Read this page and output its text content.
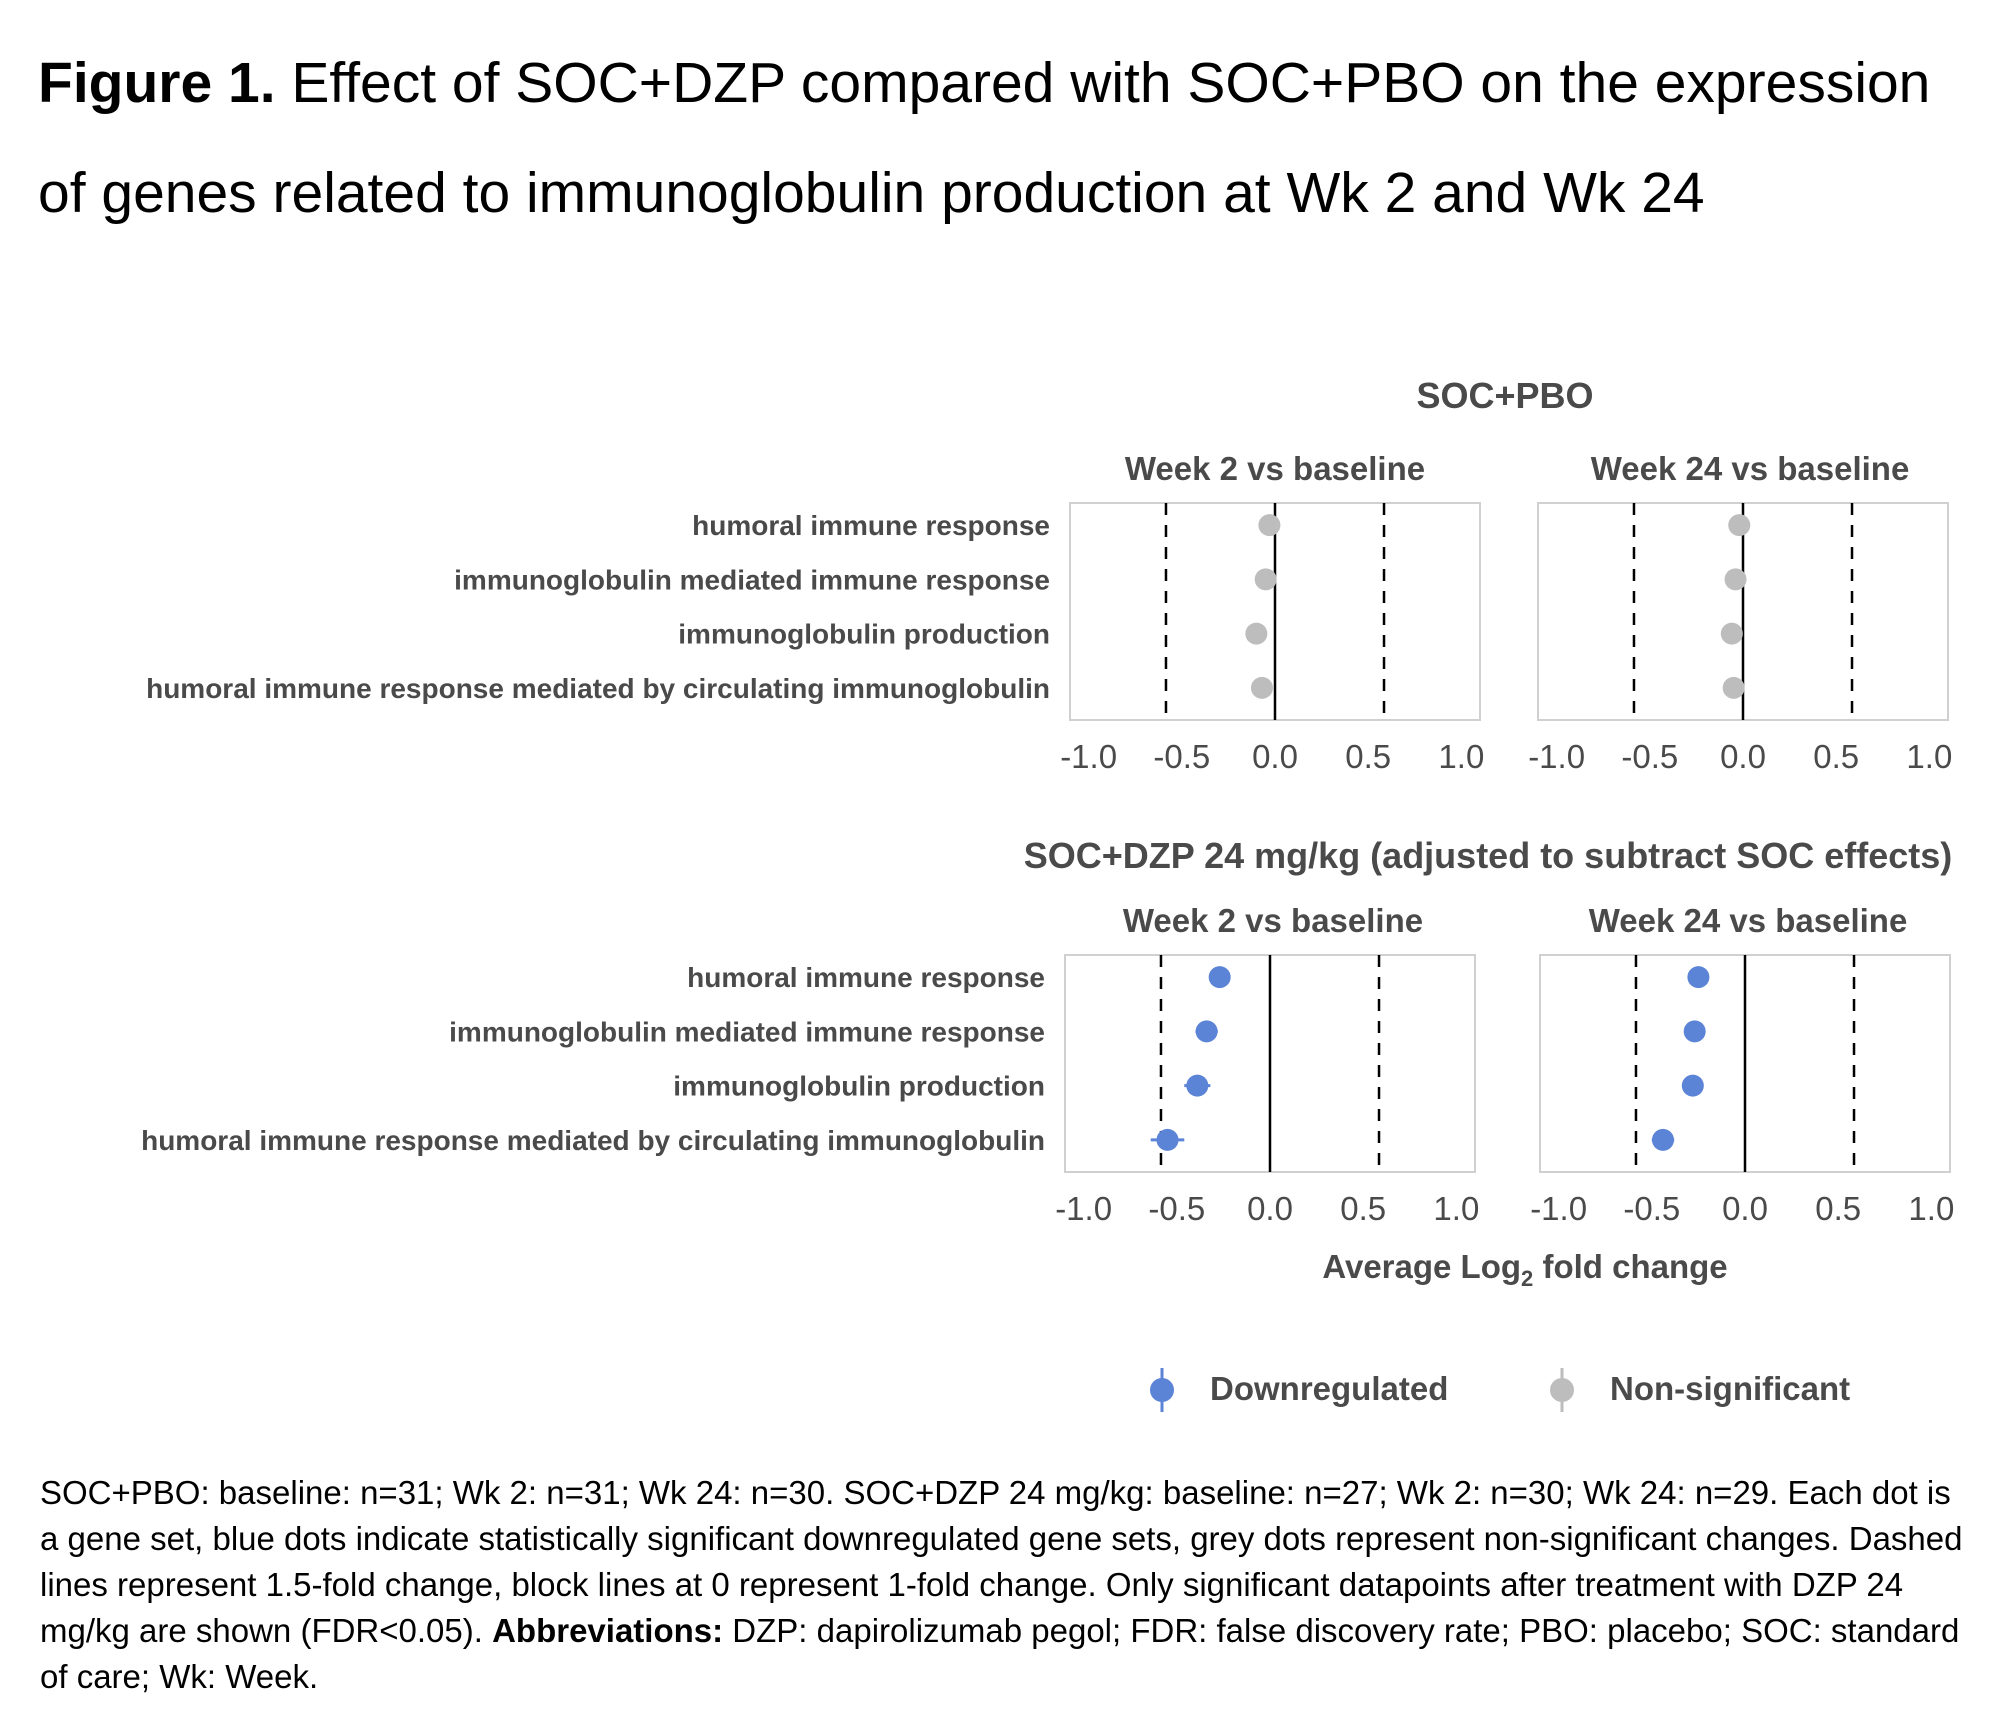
Figure 1. Effect of SOC+DZP compared with SOC+PBO on the expression of genes related to immunoglobulin production at Wk 2 and Wk 24
SOC+PBO
humoral immune response
immunoglobulin mediated immune response
immunoglobulin production
humoral immune response mediated by circulating immunoglobulin
Week 2 vs baseline
-1.0 -0.5 0.0 0.5 1.0
Week 24 vs baseline
-1.0 -0.5 0.0 0.5 1.0
SOC+DZP 24 mg/kg (adjusted to subtract SOC effects)
humoral immune response
immunoglobulin mediated immune response
immunoglobulin production
humoral immune response mediated by circulating immunoglobulin
Week 2 vs baseline
-1.0 -0.5 0.0 0.5 1.0
Week 24 vs baseline
-1.0 -0.5 0.0 0.5 1.0
Average Log$_2$ fold change
Downregulated	Non-significant

SOC+PBO: baseline: n=31; Wk 2: n=31; Wk 24: n=30. SOC+DZP 24 mg/kg: baseline: n=27; Wk 2: n=30; Wk 24: n=29. Each dot is a gene set, blue dots indicate statistically significant downregulated gene sets, grey dots represent non-significant changes. Dashed lines represent 1.5-fold change, block lines at 0 represent 1-fold change. Only significant datapoints after treatment with DZP 24 mg/kg are shown (FDR<0.05). Abbreviations: DZP: dapirolizumab pegol; FDR: false discovery rate; PBO: placebo; SOC: standard of care; Wk: Week.
